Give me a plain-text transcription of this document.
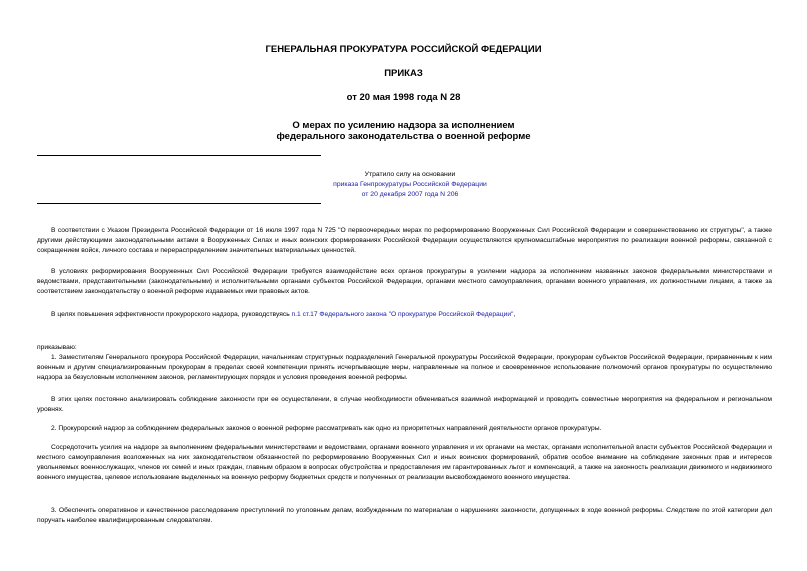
ГЕНЕРАЛЬНАЯ ПРОКУРАТУРА РОССИЙСКОЙ ФЕДЕРАЦИИ
ПРИКАЗ
от 20 мая 1998 года N 28
О мерах по усилению надзора за исполнением
федерального законодательства о военной реформе
Утратило силу на основании
приказа Генпрокуратуры Российской Федерации
от 20 декабря 2007 года N 206

В соответствии с Указом Президента Российской Федерации от 16 июля 1997 года N 725 "О первоочередных мерах по реформированию Вооруженных Сил Российской Федерации и совершенствованию их структуры", а также другими действующими законодательными актами в Вооруженных Силах и иных воинских формированиях Российской Федерации осуществляются крупномасштабные мероприятия по реализации военной реформы, связанной с сокращением войск, личного состава и перераспределением значительных материальных ценностей.

В условиях реформирования Вооруженных Сил Российской Федерации требуется взаимодействие всех органов прокуратуры в усилении надзора за исполнением названных законов федеральными министерствами и ведомствами, представительными (законодательными) и исполнительными органами субъектов Российской Федерации, органами местного самоуправления, органами военного управления, их должностными лицами, а также за соответствием законодательству о военной реформе издаваемых ими правовых актов.

В целях повышения эффективности прокурорского надзора, руководствуясь п.1 ст.17 Федерального закона "О прокуратуре Российской Федерации",

приказываю:

1. Заместителям Генерального прокурора Российской Федерации, начальникам структурных подразделений Генеральной прокуратуры Российской Федерации, прокурорам субъектов Российской Федерации, приравненным к ним военным и другим специализированным прокурорам в пределах своей компетенции принять исчерпывающие меры, направленные на полное и своевременное использование полномочий органов прокуратуры по осуществлению надзора за безусловным исполнением законов, регламентирующих порядок и условия проведения военной реформы.

В этих целях постоянно анализировать соблюдение законности при ее осуществлении, в случае необходимости обмениваться взаимной информацией и проводить совместные мероприятия на федеральном и региональном уровнях.

2. Прокурорский надзор за соблюдением федеральных законов о военной реформе рассматривать как одно из приоритетных направлений деятельности органов прокуратуры.

Сосредоточить усилия на надзоре за выполнением федеральными министерствами и ведомствами, органами военного управления и их органами на местах, органами исполнительной власти субъектов Российской Федерации и местного самоуправления возложенных на них законодательством обязанностей по реформированию Вооруженных Сил и иных воинских формирований, обратив особое внимание на соблюдение законных прав и интересов увольняемых военнослужащих, членов их семей и иных граждан, главным образом в вопросах обустройства и предоставления им гарантированных льгот и компенсаций, а также на законность реализации движимого и недвижимого военного имущества, целевое использование выделенных на военную реформу бюджетных средств и полученных от реализации высвобождаемого военного имущества.

3. Обеспечить оперативное и качественное расследование преступлений по уголовным делам, возбужденным по материалам о нарушениях законности, допущенных в ходе военной реформы. Следствие по этой категории дел поручать наиболее квалифицированным следователям.
